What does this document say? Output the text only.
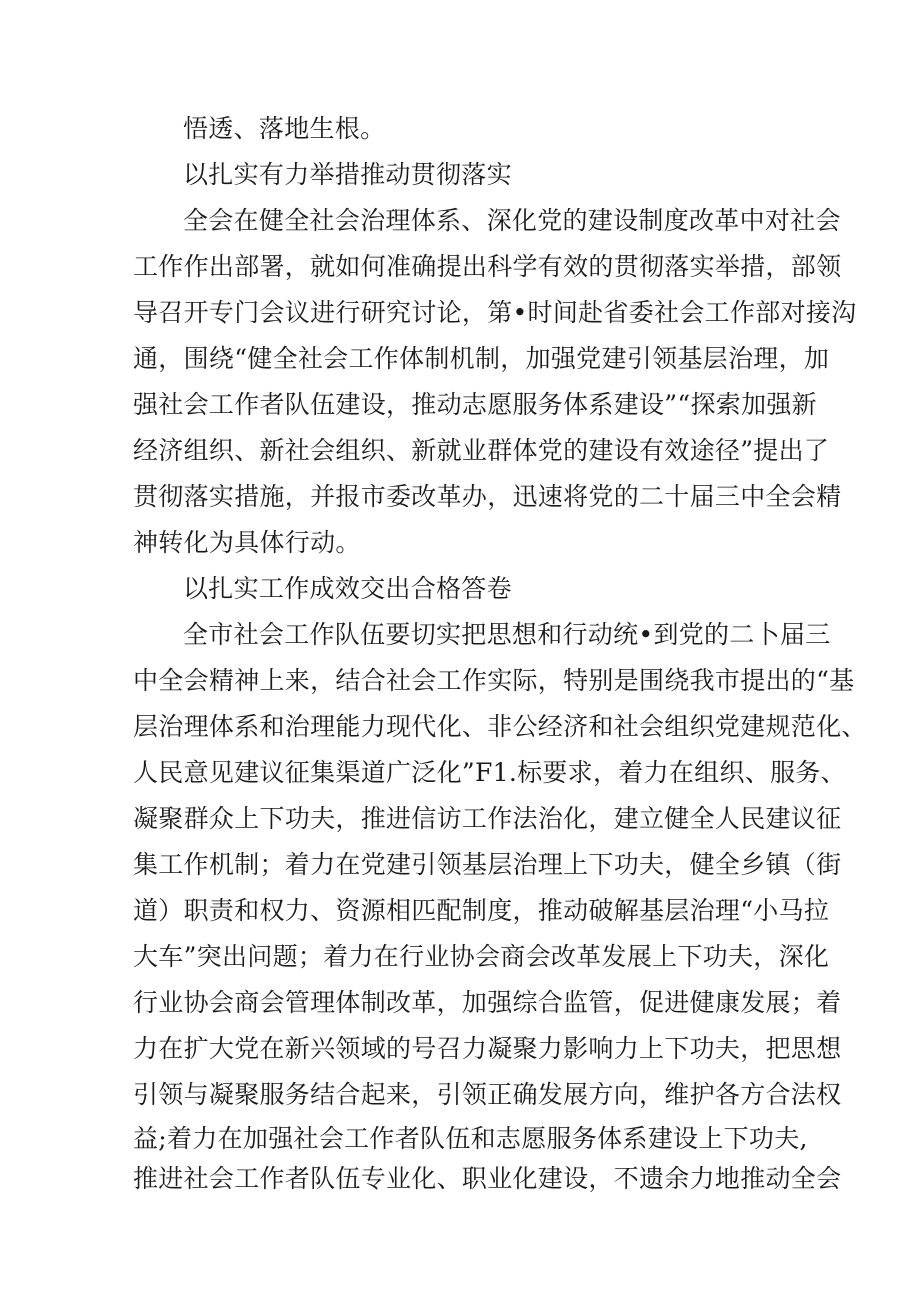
悟透、落地生根。

以扎实有力举措推动贯彻落实

全会在健全社会治理体系、深化党的建设制度改革中对社会

工作作出部署，就如何准确提出科学有效的贯彻落实举措，部领

导召开专门会议进行研究讨论，第•时间赴省委社会工作部对接沟

通，围绕“健全社会工作体制机制，加强党建引领基层治理，加

强社会工作者队伍建设，推动志愿服务体系建设”“探索加强新

经济组织、新社会组织、新就业群体党的建设有效途径”提出了

贯彻落实措施，并报市委改革办，迅速将党的二十届三中全会精

神转化为具体行动。

以扎实工作成效交出合格答卷

全市社会工作队伍要切实把思想和行动统•到党的二卜届三

中全会精神上来，结合社会工作实际，特别是围绕我市提出的“基

层治理体系和治理能力现代化、非公经济和社会组织党建规范化、

人民意见建议征集渠道广泛化”F1.标要求，着力在组织、服务、

凝聚群众上下功夫，推进信访工作法治化，建立健全人民建议征

集工作机制；着力在党建引领基层治理上下功夫，健全乡镇（街

道）职责和权力、资源相匹配制度，推动破解基层治理“小马拉

大车”突出问题；着力在行业协会商会改革发展上下功夫，深化

行业协会商会管理体制改革，加强综合监管，促进健康发展；着

力在扩大党在新兴领域的号召力凝聚力影响力上下功夫，把思想

引领与凝聚服务结合起来，引领正确发展方向，维护各方合法权

益;着力在加强社会工作者队伍和志愿服务体系建设上下功夫,

推进社会工作者队伍专业化、职业化建设，不遗余力地推动全会
